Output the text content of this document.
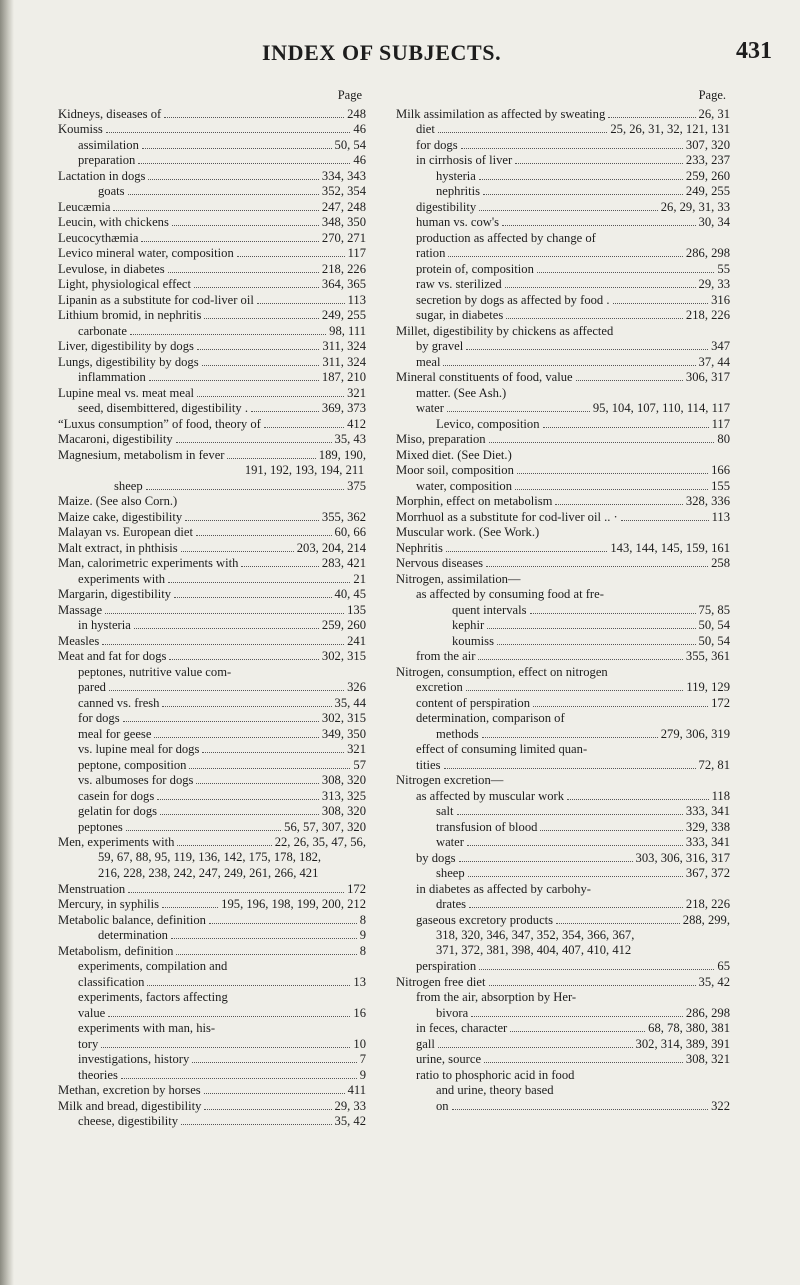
INDEX OF SUBJECTS.	431
Page
Kidneys, diseases of	248
Koumiss	46
assimilation	50, 54
preparation	46
Lactation in dogs	334, 343
goats	352, 354
Leucæmia	247, 248
Leucin, with chickens	348, 350
Leucocythæmia	270, 271
Levico mineral water, composition	117
Levulose, in diabetes	218, 226
Light, physiological effect	364, 365
Lipanin as a substitute for cod-liver oil	113
Lithium bromid, in nephritis	249, 255
carbonate	98, 111
Liver, digestibility by dogs	311, 324
Lungs, digestibility by dogs	311, 324
inflammation	187, 210
Lupine meal vs. meat meal	321
seed, disembittered, digestibility .	369, 373
“Luxus consumption” of food, theory of	412
Macaroni, digestibility	35, 43
Magnesium, metabolism in fever	189, 190,
191, 192, 193, 194, 211
sheep	375
Maize. (See also Corn.)
Maize cake, digestibility	355, 362
Malayan vs. European diet	60, 66
Malt extract, in phthisis	203, 204, 214
Man, calorimetric experiments with	283, 421
experiments with	21
Margarin, digestibility	40, 45
Massage	135
in hysteria	259, 260
Measles	241
Meat and fat for dogs	302, 315
peptones, nutritive value com-
pared	326
canned vs. fresh	35, 44
for dogs	302, 315
meal for geese	349, 350
vs. lupine meal for dogs	321
peptone, composition	57
vs. albumoses for dogs	308, 320
casein for dogs	313, 325
gelatin for dogs	308, 320
peptones	56, 57, 307, 320
Men, experiments with	22, 26, 35, 47, 56,
59, 67, 88, 95, 119, 136, 142, 175, 178, 182,
216, 228, 238, 242, 247, 249, 261, 266, 421
Menstruation	172
Mercury, in syphilis	195, 196, 198, 199, 200, 212
Metabolic balance, definition	8
determination	9
Metabolism, definition	8
experiments, compilation and
classification	13
experiments, factors affecting
value	16
experiments with man, his-
tory	10
investigations, history	7
theories	9
Methan, excretion by horses	411
Milk and bread, digestibility	29, 33
cheese, digestibility	35, 42
Page.
Milk assimilation as affected by sweating	26, 31
diet	25, 26, 31, 32, 121, 131
for dogs	307, 320
in cirrhosis of liver	233, 237
hysteria	259, 260
nephritis	249, 255
digestibility	26, 29, 31, 33
human vs. cow's	30, 34
production as affected by change of
ration	286, 298
protein of, composition	55
raw vs. sterilized	29, 33
secretion by dogs as affected by food .	316
sugar, in diabetes	218, 226
Millet, digestibility by chickens as affected
by gravel	347
meal	37, 44
Mineral constituents of food, value	306, 317
matter. (See Ash.)
water	95, 104, 107, 110, 114, 117
Levico, composition	117
Miso, preparation	80
Mixed diet. (See Diet.)
Moor soil, composition	166
water, composition	155
Morphin, effect on metabolism	328, 336
Morrhuol as a substitute for cod-liver oil .. ·	113
Muscular work. (See Work.)
Nephritis	143, 144, 145, 159, 161
Nervous diseases	258
Nitrogen, assimilation—
as affected by consuming food at fre-
quent intervals	75, 85
kephir	50, 54
koumiss	50, 54
from the air	355, 361
Nitrogen, consumption, effect on nitrogen
excretion	119, 129
content of perspiration	172
determination, comparison of
methods	279, 306, 319
effect of consuming limited quan-
tities	72, 81
Nitrogen excretion—
as affected by muscular work	118
salt	333, 341
transfusion of blood	329, 338
water	333, 341
by dogs	303, 306, 316, 317
sheep	367, 372
in diabetes as affected by carbohy-
drates	218, 226
gaseous excretory products	288, 299,
318, 320, 346, 347, 352, 354, 366, 367,
371, 372, 381, 398, 404, 407, 410, 412
perspiration	65
Nitrogen free diet	35, 42
from the air, absorption by Her-
bivora	286, 298
in feces, character	68, 78, 380, 381
gall	302, 314, 389, 391
urine, source	308, 321
ratio to phosphoric acid in food
and urine, theory based
on	322
